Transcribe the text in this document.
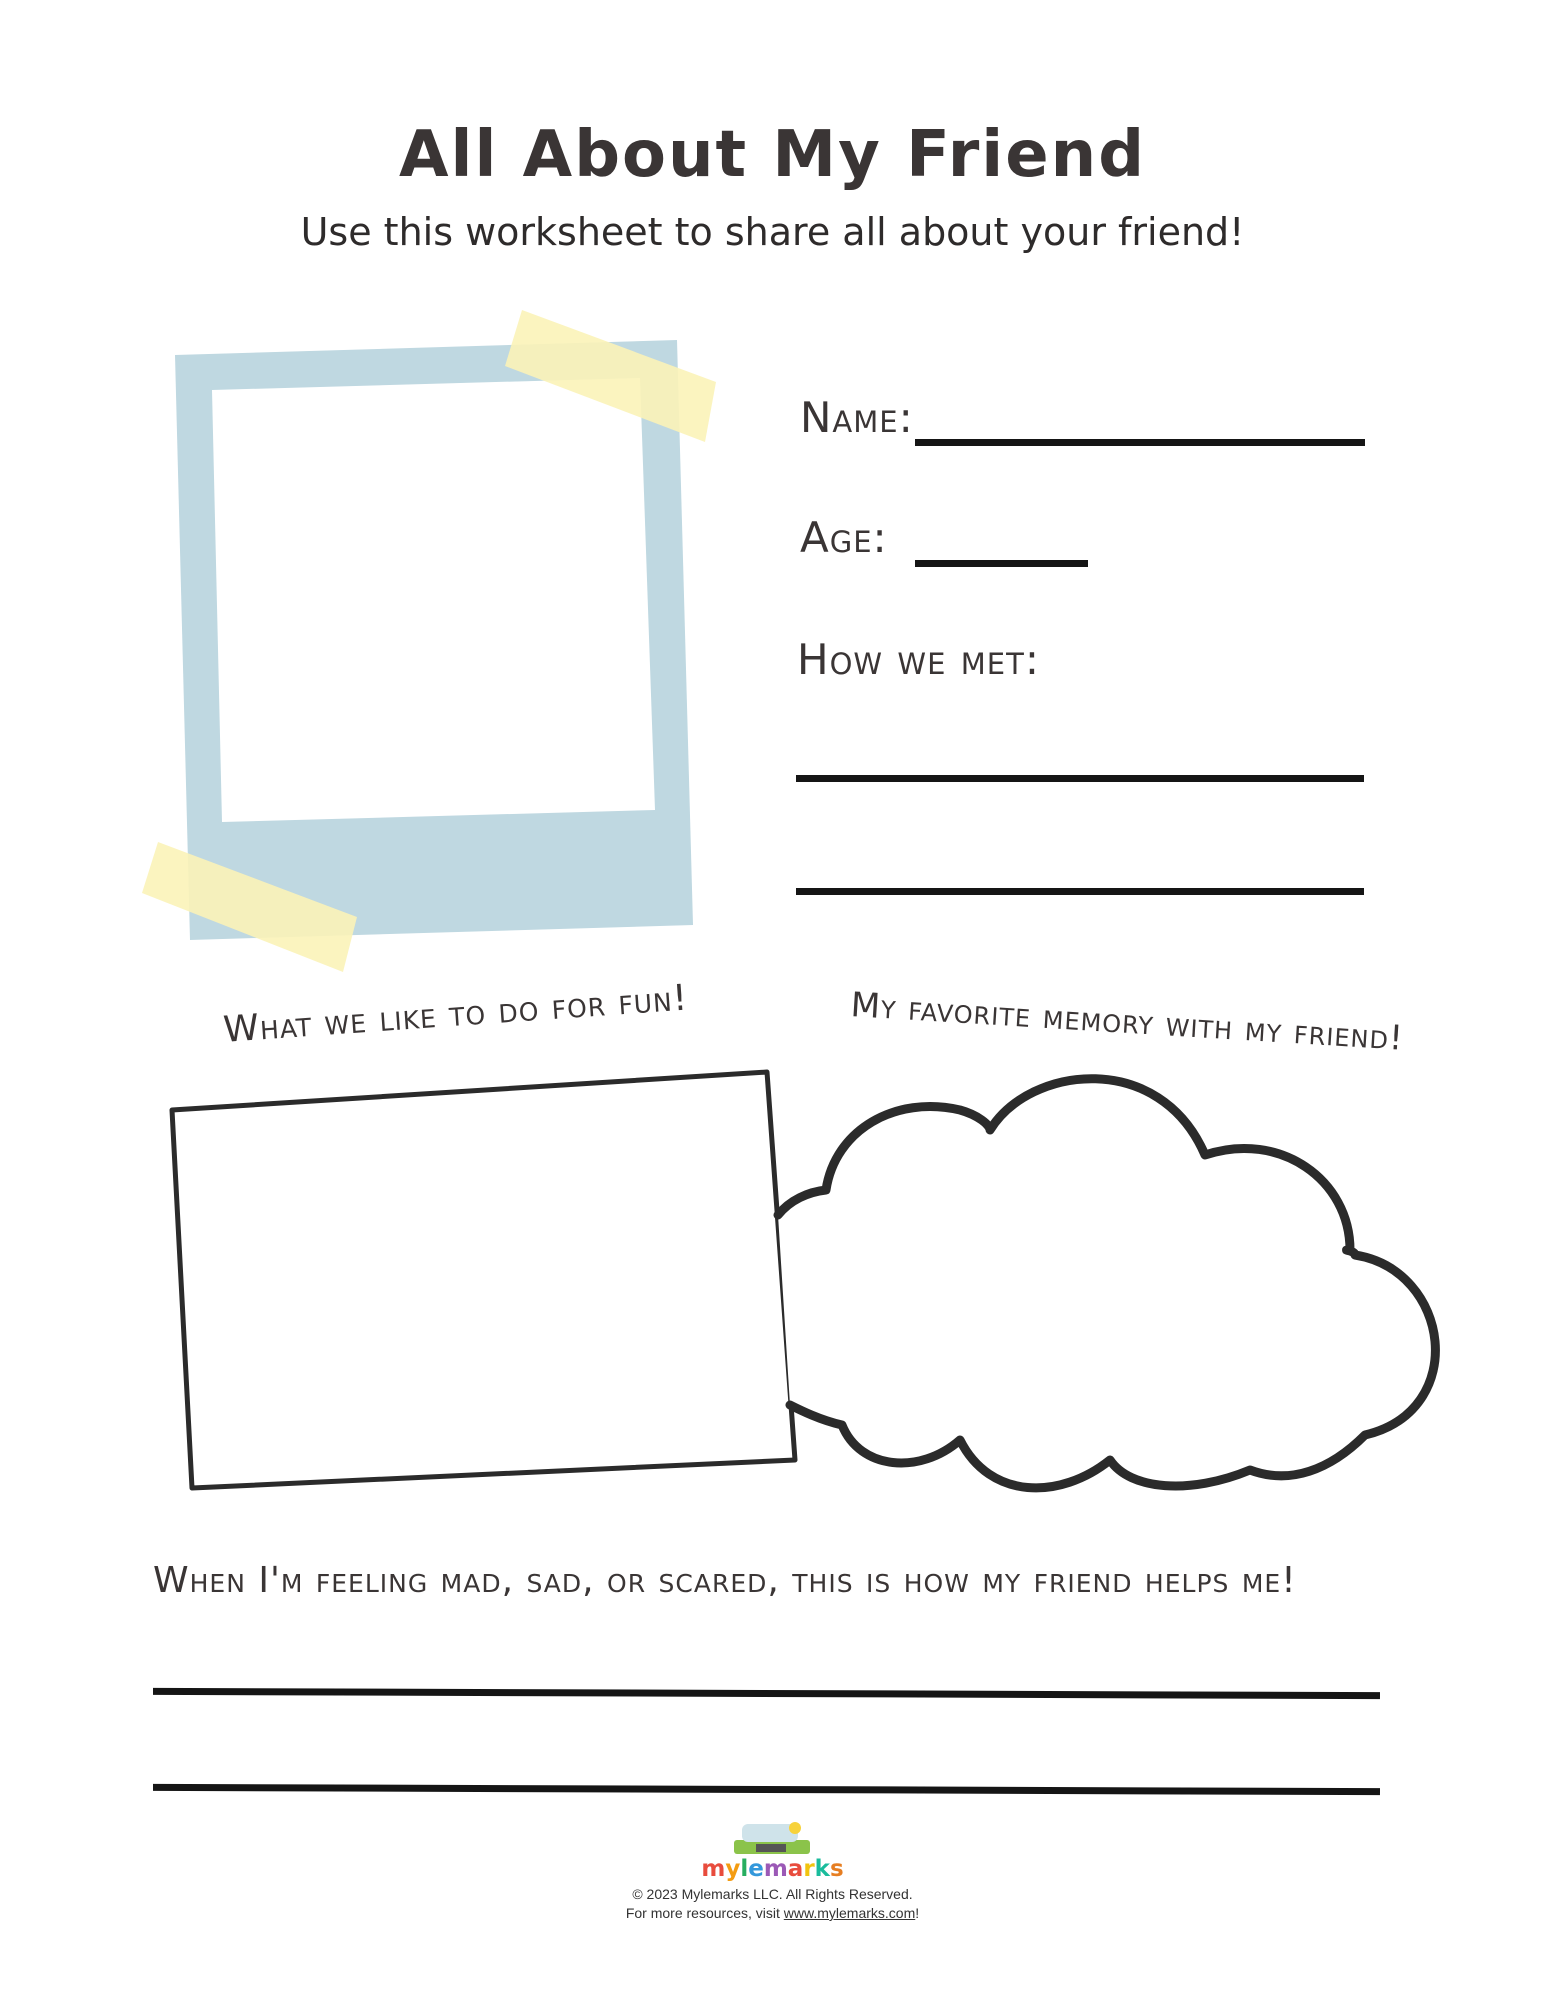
All About My Friend
Use this worksheet to share all about your friend!
Name:
Age:
How we met:
What we like to do for fun!	My favorite memory with my friend!
When I'm feeling mad, sad, or scared, this is how my friend helps me!
mylemarks
© 2023 Mylemarks LLC. All Rights Reserved.
For more resources, visit www.mylemarks.com!
